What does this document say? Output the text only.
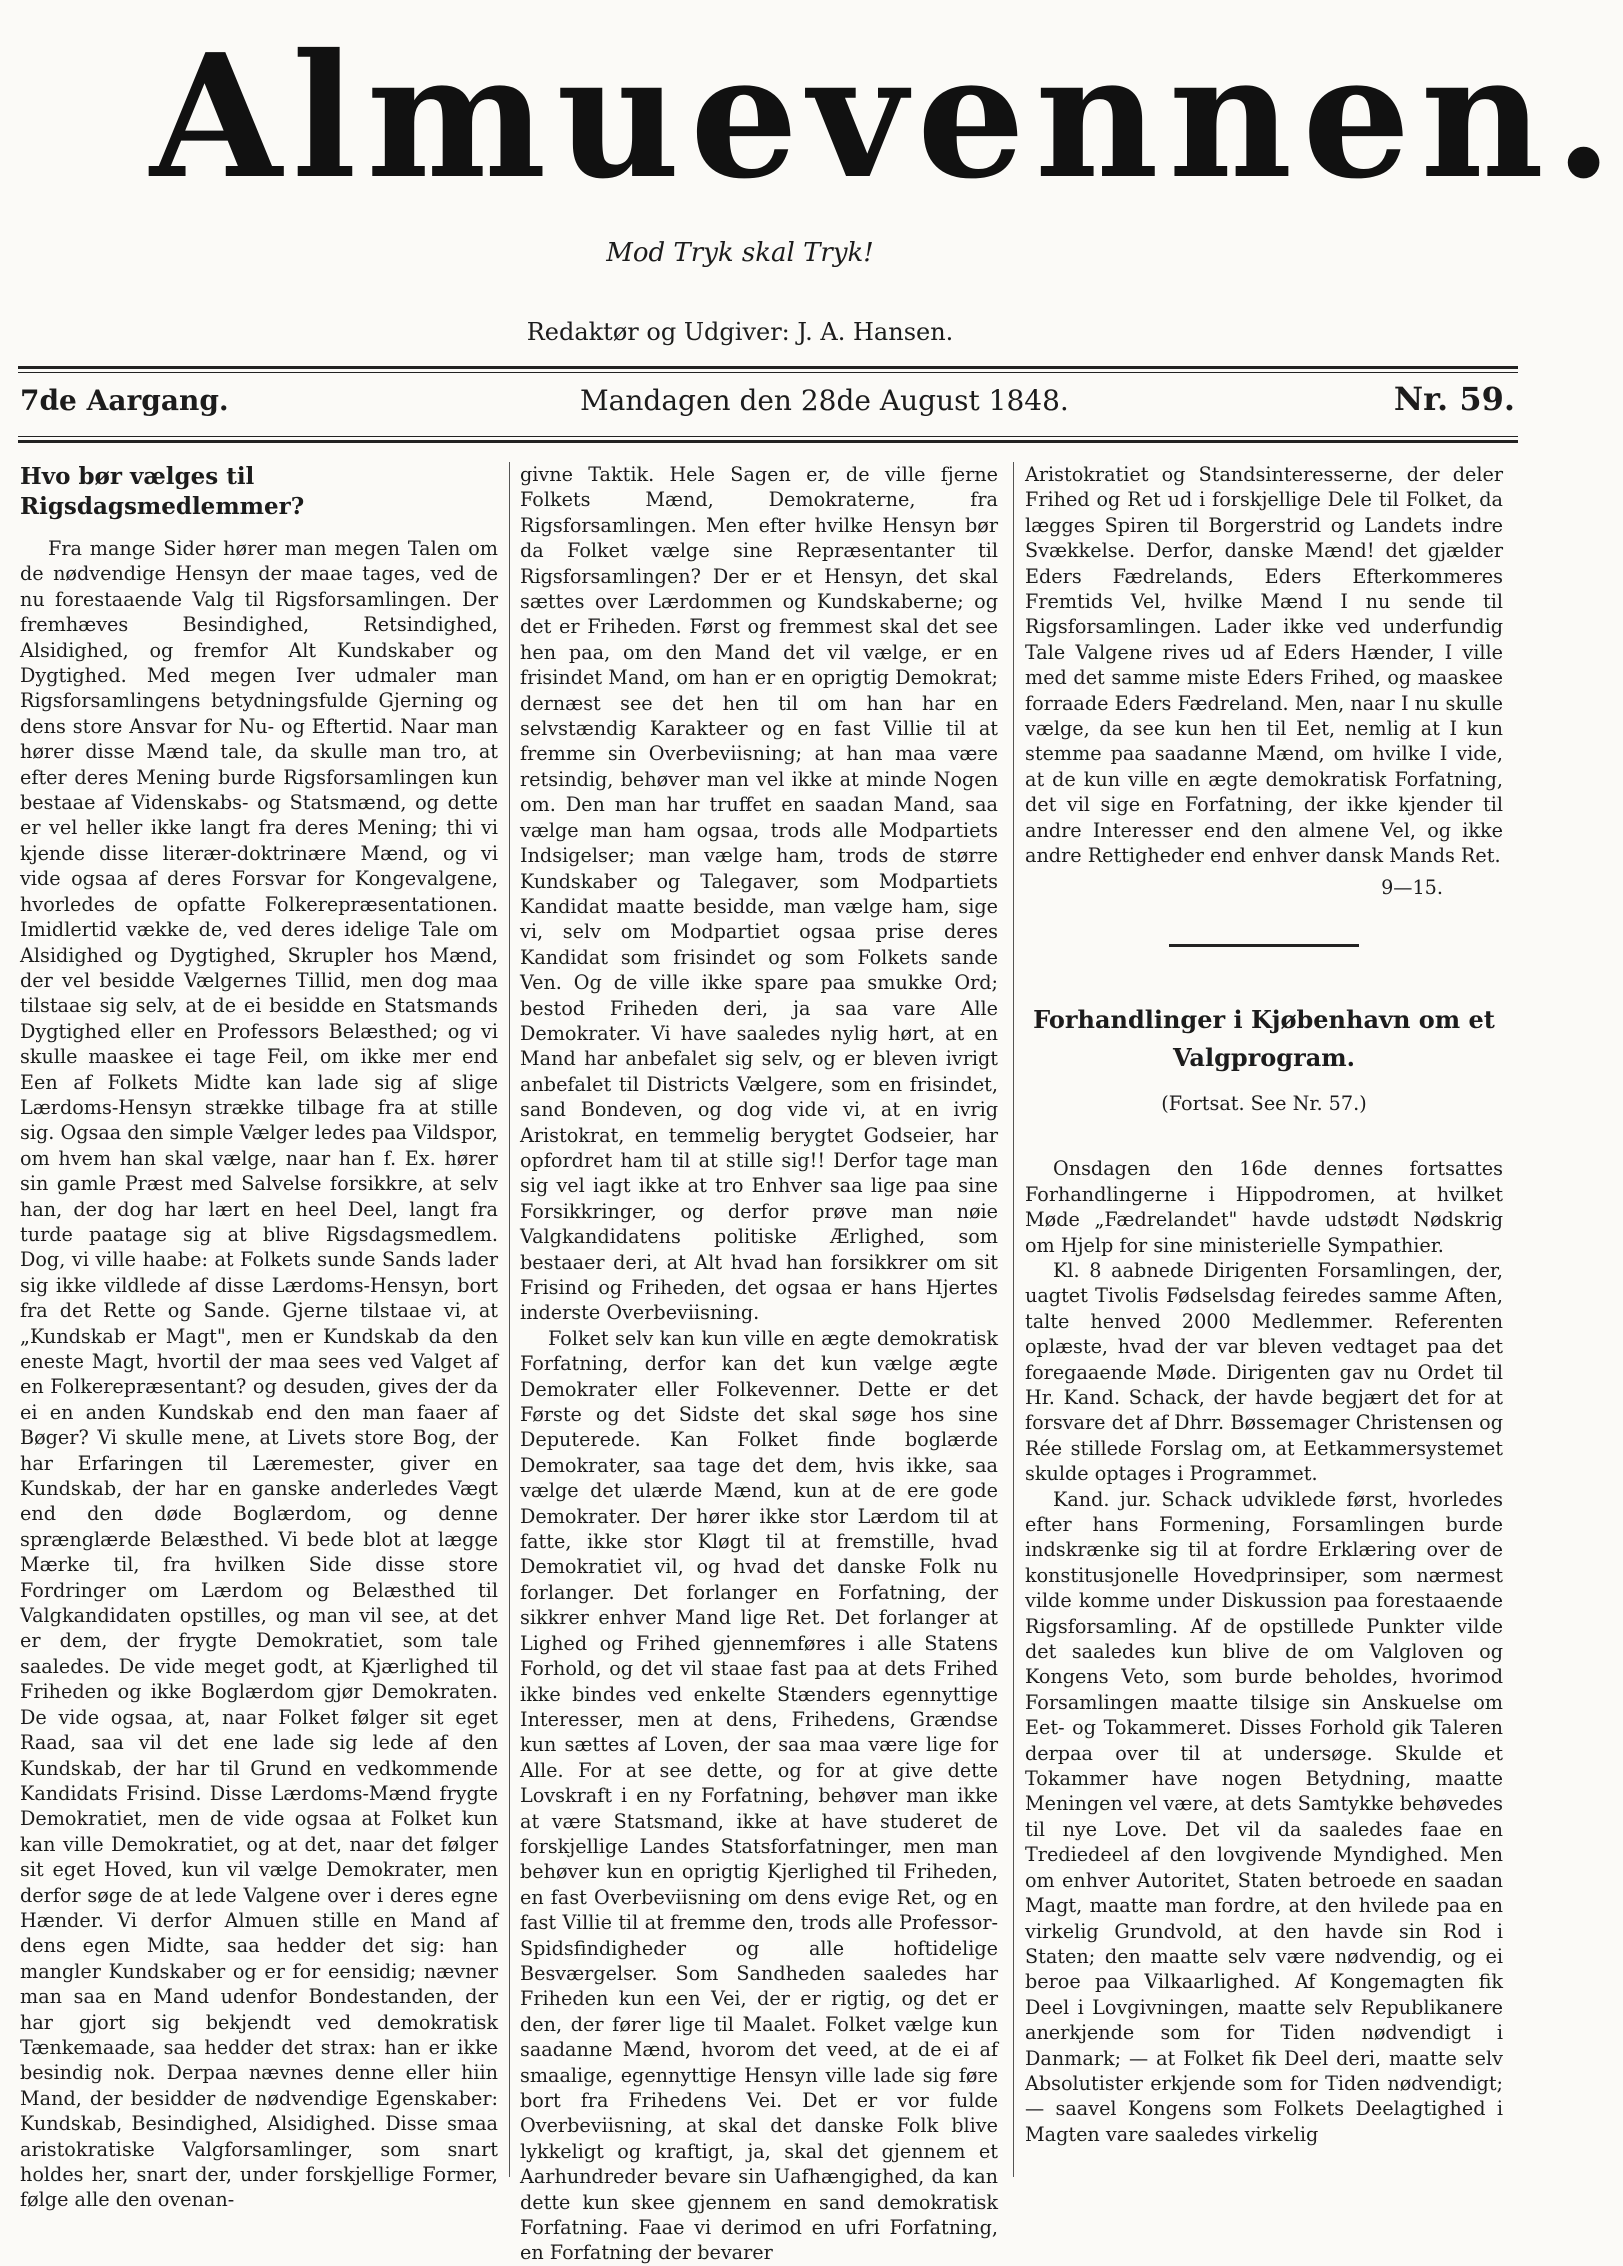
Almuevennen.
Mod Tryk skal Tryk!
Redaktør og Udgiver: J. A. Hansen.
7de Aargang.	Mandagen den 28de August 1848.	Nr. 59.
Hvo bør vælges til Rigsdagsmedlemmer?

Fra mange Sider hører man megen Talen om de nødvendige Hensyn der maae tages, ved de nu forestaaende Valg til Rigsforsamlingen. Der fremhæves Besindighed, Retsindighed, Alsidighed, og fremfor Alt Kundskaber og Dygtighed. Med megen Iver udmaler man Rigsforsamlingens betydningsfulde Gjerning og dens store Ansvar for Nu- og Eftertid. Naar man hører disse Mænd tale, da skulle man tro, at efter deres Mening burde Rigsforsamlingen kun bestaae af Videnskabs- og Statsmænd, og dette er vel heller ikke langt fra deres Mening; thi vi kjende disse literær-doktrinære Mænd, og vi vide ogsaa af deres Forsvar for Kongevalgene, hvorledes de opfatte Folkerepræsentationen. Imidlertid vække de, ved deres idelige Tale om Alsidighed og Dygtighed, Skrupler hos Mænd, der vel besidde Vælgernes Tillid, men dog maa tilstaae sig selv, at de ei besidde en Statsmands Dygtighed eller en Professors Belæsthed; og vi skulle maaskee ei tage Feil, om ikke mer end Een af Folkets Midte kan lade sig af slige Lærdoms-Hensyn strække tilbage fra at stille sig. Ogsaa den simple Vælger ledes paa Vildspor, om hvem han skal vælge, naar han f. Ex. hører sin gamle Præst med Salvelse forsikkre, at selv han, der dog har lært en heel Deel, langt fra turde paatage sig at blive Rigsdagsmedlem. Dog, vi ville haabe: at Folkets sunde Sands lader sig ikke vildlede af disse Lærdoms-Hensyn, bort fra det Rette og Sande. Gjerne tilstaae vi, at „Kundskab er Magt", men er Kundskab da den eneste Magt, hvortil der maa sees ved Valget af en Folkerepræsentant? og desuden, gives der da ei en anden Kundskab end den man faaer af Bøger? Vi skulle mene, at Livets store Bog, der har Erfaringen til Læremester, giver en Kundskab, der har en ganske anderledes Vægt end den døde Boglærdom, og denne sprænglærde Belæsthed. Vi bede blot at lægge Mærke til, fra hvilken Side disse store Fordringer om Lærdom og Belæsthed til Valgkandidaten opstilles, og man vil see, at det er dem, der frygte Demokratiet, som tale saaledes. De vide meget godt, at Kjærlighed til Friheden og ikke Boglærdom gjør Demokraten. De vide ogsaa, at, naar Folket følger sit eget Raad, saa vil det ene lade sig lede af den Kundskab, der har til Grund en vedkommende Kandidats Frisind. Disse Lærdoms-Mænd frygte Demokratiet, men de vide ogsaa at Folket kun kan ville Demokratiet, og at det, naar det følger sit eget Hoved, kun vil vælge Demokrater, men derfor søge de at lede Valgene over i deres egne Hænder. Vi derfor Almuen stille en Mand af dens egen Midte, saa hedder det sig: han mangler Kundskaber og er for eensidig; nævner man saa en Mand udenfor Bondestanden, der har gjort sig bekjendt ved demokratisk Tænkemaade, saa hedder det strax: han er ikke besindig nok. Derpaa nævnes denne eller hiin Mand, der besidder de nødvendige Egenskaber: Kundskab, Besindighed, Alsidighed. Disse smaa aristokratiske Valgforsamlinger, som snart holdes her, snart der, under forskjellige Former, følge alle den ovenan-

givne Taktik. Hele Sagen er, de ville fjerne Folkets Mænd, Demokraterne, fra Rigsforsamlingen. Men efter hvilke Hensyn bør da Folket vælge sine Repræsentanter til Rigsforsamlingen? Der er et Hensyn, det skal sættes over Lærdommen og Kundskaberne; og det er Friheden. Først og fremmest skal det see hen paa, om den Mand det vil vælge, er en frisindet Mand, om han er en oprigtig Demokrat; dernæst see det hen til om han har en selvstændig Karakteer og en fast Villie til at fremme sin Overbeviisning; at han maa være retsindig, behøver man vel ikke at minde Nogen om. Den man har truffet en saadan Mand, saa vælge man ham ogsaa, trods alle Modpartiets Indsigelser; man vælge ham, trods de større Kundskaber og Talegaver, som Modpartiets Kandidat maatte besidde, man vælge ham, sige vi, selv om Modpartiet ogsaa prise deres Kandidat som frisindet og som Folkets sande Ven. Og de ville ikke spare paa smukke Ord; bestod Friheden deri, ja saa vare Alle Demokrater. Vi have saaledes nylig hørt, at en Mand har anbefalet sig selv, og er bleven ivrigt anbefalet til Districts Vælgere, som en frisindet, sand Bondeven, og dog vide vi, at en ivrig Aristokrat, en temmelig berygtet Godseier, har opfordret ham til at stille sig!! Derfor tage man sig vel iagt ikke at tro Enhver saa lige paa sine Forsikkringer, og derfor prøve man nøie Valgkandidatens politiske Ærlighed, som bestaaer deri, at Alt hvad han forsikkrer om sit Frisind og Friheden, det ogsaa er hans Hjertes inderste Overbeviisning.

Folket selv kan kun ville en ægte demokratisk Forfatning, derfor kan det kun vælge ægte Demokrater eller Folkevenner. Dette er det Første og det Sidste det skal søge hos sine Deputerede. Kan Folket finde boglærde Demokrater, saa tage det dem, hvis ikke, saa vælge det ulærde Mænd, kun at de ere gode Demokrater. Der hører ikke stor Lærdom til at fatte, ikke stor Kløgt til at fremstille, hvad Demokratiet vil, og hvad det danske Folk nu forlanger. Det forlanger en Forfatning, der sikkrer enhver Mand lige Ret. Det forlanger at Lighed og Frihed gjennemføres i alle Statens Forhold, og det vil staae fast paa at dets Frihed ikke bindes ved enkelte Stænders egennyttige Interesser, men at dens, Frihedens, Grændse kun sættes af Loven, der saa maa være lige for Alle. For at see dette, og for at give dette Lovskraft i en ny Forfatning, behøver man ikke at være Statsmand, ikke at have studeret de forskjellige Landes Statsforfatninger, men man behøver kun en oprigtig Kjerlighed til Friheden, en fast Overbeviisning om dens evige Ret, og en fast Villie til at fremme den, trods alle Professor-Spidsfindigheder og alle hoftidelige Besværgelser. Som Sandheden saaledes har Friheden kun een Vei, der er rigtig, og det er den, der fører lige til Maalet. Folket vælge kun saadanne Mænd, hvorom det veed, at de ei af smaalige, egennyttige Hensyn ville lade sig føre bort fra Frihedens Vei. Det er vor fulde Overbeviisning, at skal det danske Folk blive lykkeligt og kraftigt, ja, skal det gjennem et Aarhundreder bevare sin Uafhængighed, da kan dette kun skee gjennem en sand demokratisk Forfatning. Faae vi derimod en ufri Forfatning, en Forfatning der bevarer

Aristokratiet og Standsinteresserne, der deler Frihed og Ret ud i forskjellige Dele til Folket, da lægges Spiren til Borgerstrid og Landets indre Svækkelse. Derfor, danske Mænd! det gjælder Eders Fædrelands, Eders Efterkommeres Fremtids Vel, hvilke Mænd I nu sende til Rigsforsamlingen. Lader ikke ved underfundig Tale Valgene rives ud af Eders Hænder, I ville med det samme miste Eders Frihed, og maaskee forraade Eders Fædreland. Men, naar I nu skulle vælge, da see kun hen til Eet, nemlig at I kun stemme paa saadanne Mænd, om hvilke I vide, at de kun ville en ægte demokratisk Forfatning, det vil sige en Forfatning, der ikke kjender til andre Interesser end den almene Vel, og ikke andre Rettigheder end enhver dansk Mands Ret.

9—15.
Forhandlinger i Kjøbenhavn om et Valgprogram.
(Fortsat. See Nr. 57.)

Onsdagen den 16de dennes fortsattes Forhandlingerne i Hippodromen, at hvilket Møde „Fædrelandet" havde udstødt Nødskrig om Hjelp for sine ministerielle Sympathier.

Kl. 8 aabnede Dirigenten Forsamlingen, der, uagtet Tivolis Fødselsdag feiredes samme Aften, talte henved 2000 Medlemmer. Referenten oplæste, hvad der var bleven vedtaget paa det foregaaende Møde. Dirigenten gav nu Ordet til Hr. Kand. Schack, der havde begjært det for at forsvare det af Dhrr. Bøssemager Christensen og Rée stillede Forslag om, at Eetkammersystemet skulde optages i Programmet.

Kand. jur. Schack udviklede først, hvorledes efter hans Formening, Forsamlingen burde indskrænke sig til at fordre Erklæring over de konstitusjonelle Hovedprinsiper, som nærmest vilde komme under Diskussion paa forestaaende Rigsforsamling. Af de opstillede Punkter vilde det saaledes kun blive de om Valgloven og Kongens Veto, som burde beholdes, hvorimod Forsamlingen maatte tilsige sin Anskuelse om Eet- og Tokammeret. Disses Forhold gik Taleren derpaa over til at undersøge. Skulde et Tokammer have nogen Betydning, maatte Meningen vel være, at dets Samtykke behøvedes til nye Love. Det vil da saaledes faae en Trediedeel af den lovgivende Myndighed. Men om enhver Autoritet, Staten betroede en saadan Magt, maatte man fordre, at den hvilede paa en virkelig Grundvold, at den havde sin Rod i Staten; den maatte selv være nødvendig, og ei beroe paa Vilkaarlighed. Af Kongemagten fik Deel i Lovgivningen, maatte selv Republikanere anerkjende som for Tiden nødvendigt i Danmark; — at Folket fik Deel deri, maatte selv Absolutister erkjende som for Tiden nødvendigt; — saavel Kongens som Folkets Deelagtighed i Magten vare saaledes virkelig
